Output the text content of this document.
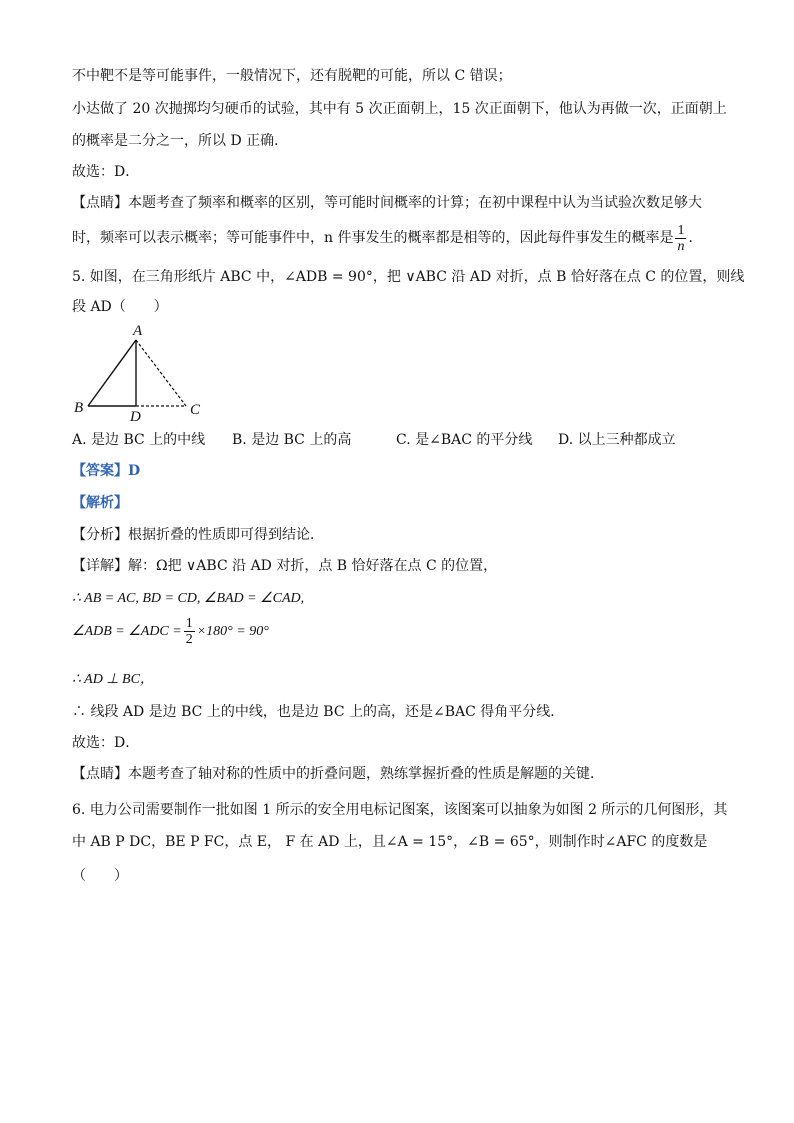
不中靶不是等可能事件，一般情况下，还有脱靶的可能，所以 C 错误；
小达做了 20 次抛掷均匀硬币的试验，其中有 5 次正面朝上，15 次正面朝下，他认为再做一次，正面朝上
的概率是二分之一，所以 D 正确．
故选：D．
【点睛】本题考查了频率和概率的区别，等可能时间概率的计算；在初中课程中认为当试验次数足够大
时，频率可以表示概率；等可能事件中，n 件事发生的概率都是相等的，因此每件事发生的概率是 $\frac{1}{n}$ ．
5. 如图，在三角形纸片 ABC 中，∠ADB = 90°，把 ∨ABC 沿 AD 对折，点 B 恰好落在点 C 的位置，则线
段 AD（　　）
A
B
D	C
A. 是边 BC 上的中线 B. 是边 BC 上的高	C. 是∠BAC 的平分线 D. 以上三种都成立
【答案】D
【解析】
【分析】根据折叠的性质即可得到结论．
【详解】解：Ω把 ∨ABC 沿 AD 对折，点 B 恰好落在点 C 的位置，
∴ AB = AC, BD = CD, ∠BAD = ∠CAD,
∠ADB = ∠ADC = $\frac{1}{2} \times 180^\circ = 90^\circ$
∴ AD ⊥ BC，
∴ 线段 AD 是边 BC 上的中线，也是边 BC 上的高，还是∠BAC 得角平分线．
故选：D．
【点睛】本题考查了轴对称的性质中的折叠问题，熟练掌握折叠的性质是解题的关键．
6. 电力公司需要制作一批如图 1 所示的安全用电标记图案，该图案可以抽象为如图 2 所示的几何图形，其
中 AB P DC，BE P FC，点 E， F 在 AD 上，且∠A = 15°，∠B = 65°，则制作时∠AFC 的度数是
（　　）
